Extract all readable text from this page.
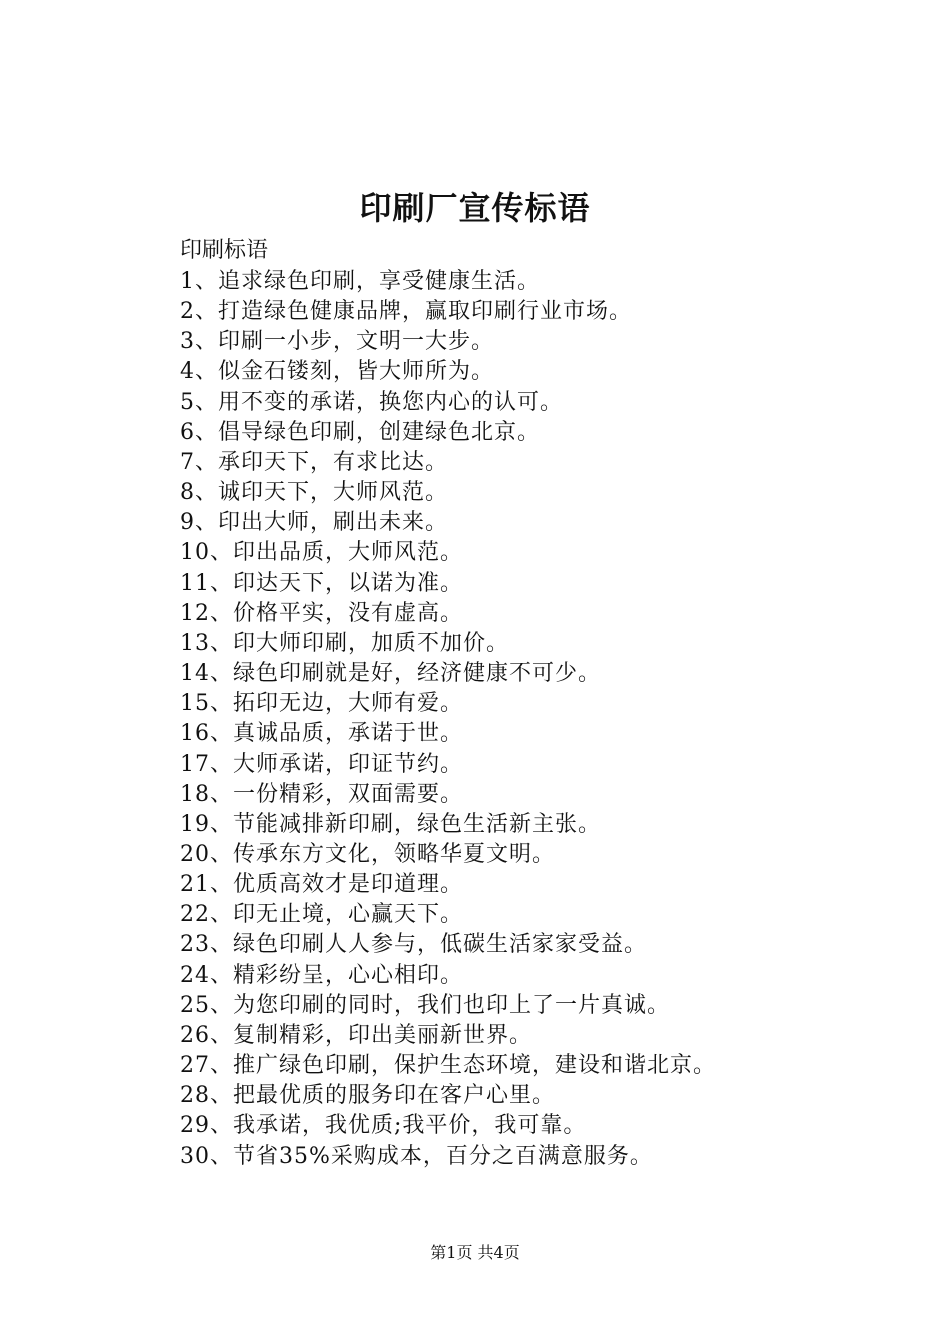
印刷厂宣传标语

印刷标语

1、追求绿色印刷，享受健康生活。
2、打造绿色健康品牌，赢取印刷行业市场。
3、印刷一小步，文明一大步。
4、似金石镂刻，皆大师所为。
5、用不变的承诺，换您内心的认可。
6、倡导绿色印刷，创建绿色北京。
7、承印天下，有求比达。
8、诚印天下，大师风范。
9、印出大师，刷出未来。
10、印出品质，大师风范。
11、印达天下，以诺为准。
12、价格平实，没有虚高。
13、印大师印刷，加质不加价。
14、绿色印刷就是好，经济健康不可少。
15、拓印无边，大师有爱。
16、真诚品质，承诺于世。
17、大师承诺，印证节约。
18、一份精彩，双面需要。
19、节能减排新印刷，绿色生活新主张。
20、传承东方文化，领略华夏文明。
21、优质高效才是印道理。
22、印无止境，心赢天下。
23、绿色印刷人人参与，低碳生活家家受益。
24、精彩纷呈，心心相印。
25、为您印刷的同时，我们也印上了一片真诚。
26、复制精彩，印出美丽新世界。
27、推广绿色印刷，保护生态环境，建设和谐北京。
28、把最优质的服务印在客户心里。
29、我承诺，我优质;我平价，我可靠。
30、节省35%采购成本，百分之百满意服务。
第1页 共4页
